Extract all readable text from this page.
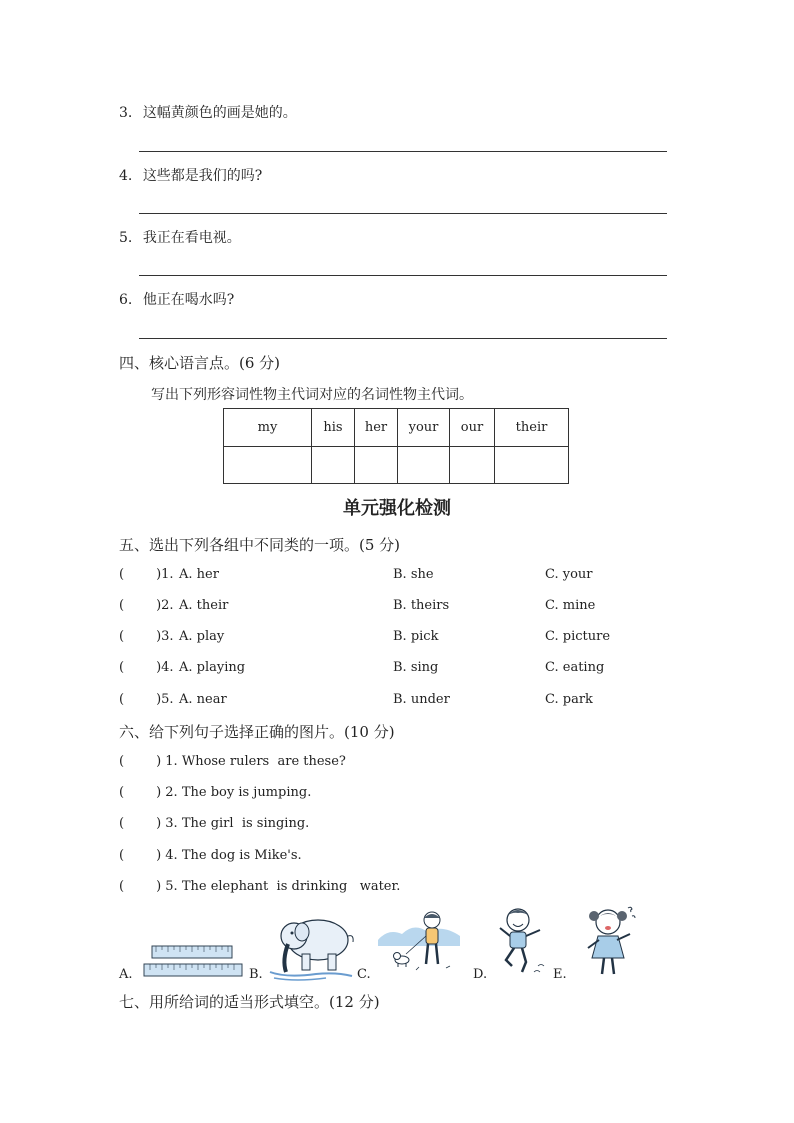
3. 这幅黄颜色的画是她的。
4. 这些都是我们的吗?
5. 我正在看电视。
6. 他正在喝水吗?
四、核心语言点。(6 分)
写出下列形容词性物主代词对应的名词性物主代词。
my	his	her	your	our	their

单元强化检测
五、选出下列各组中不同类的一项。(5 分)
( )1. A. her	B. she	C. your
( )2. A. their	B. theirs	C. mine
( )3. A. play	B. pick	C. picture
( )4. A. playing	B. sing	C. eating
( )5. A. near	B. under	C. park
六、给下列句子选择正确的图片。(10 分)
( ) 1. Whose rulers  are these?
( ) 2. The boy is jumping.
( ) 3. The girl  is singing.
( ) 4. The dog is Mike's.
( ) 5. The elephant  is drinking   water.
A.	B.	C.	D.	E.
七、用所给词的适当形式填空。(12 分)
